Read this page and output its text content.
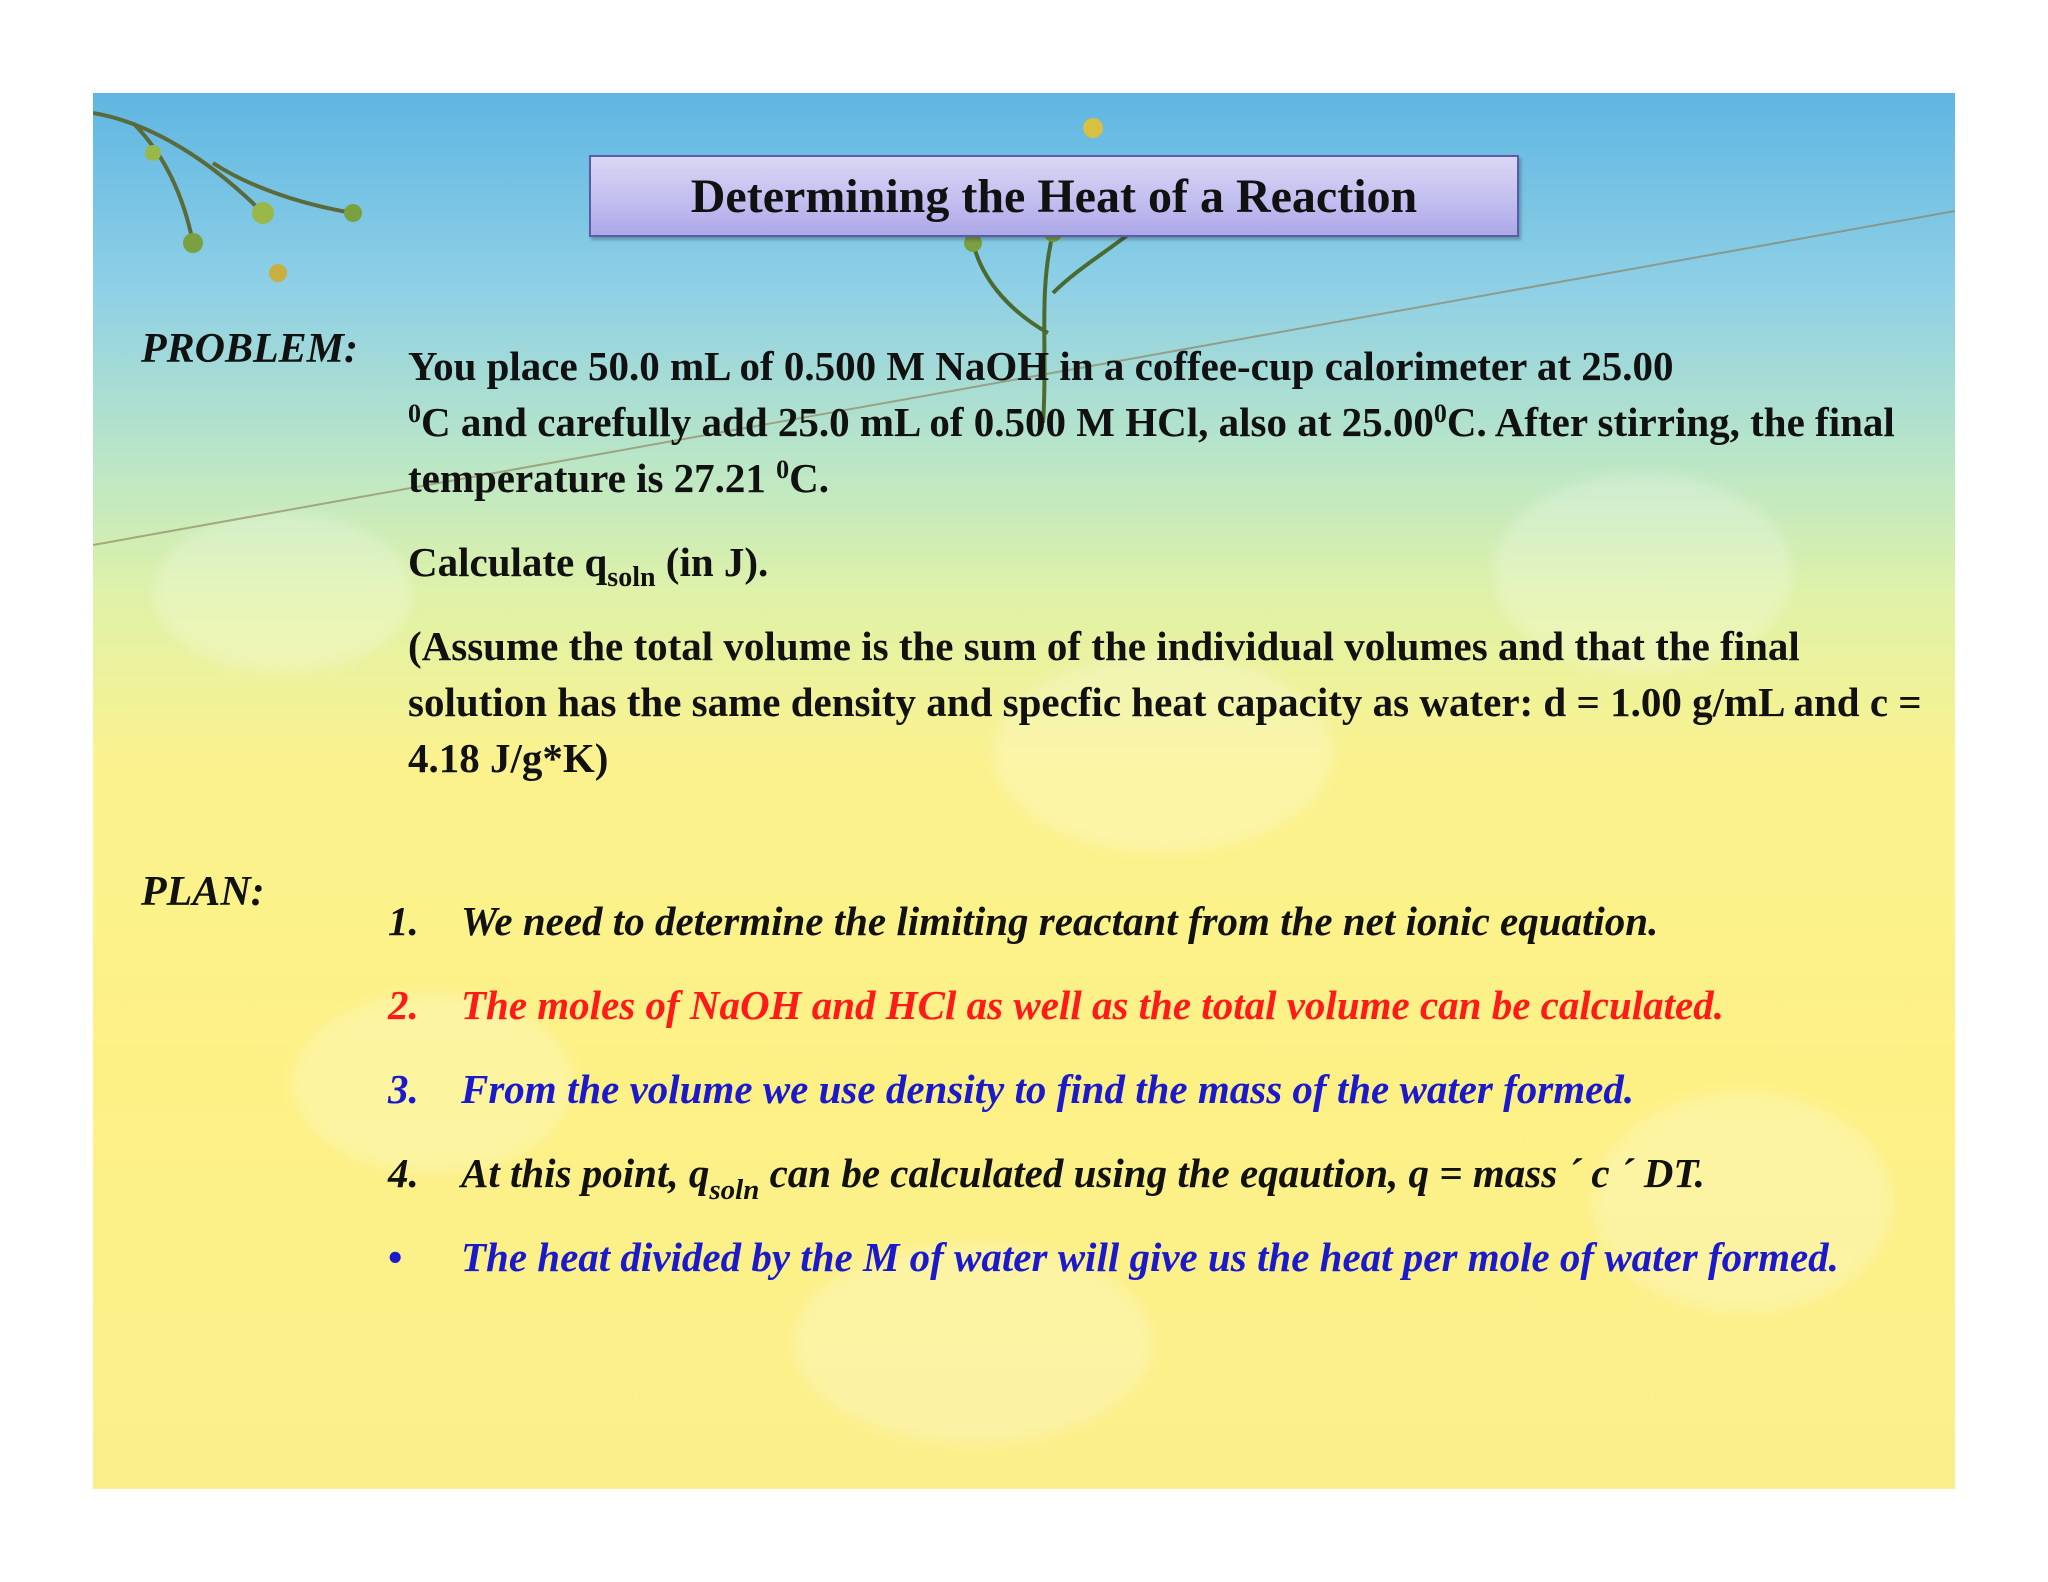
Determining the Heat of a Reaction
PROBLEM: You place 50.0 mL of 0.500 M NaOH in a coffee-cup calorimeter at 25.00
$^0$C and carefully add 25.0 mL of 0.500 M HCl, also at 25.00$^0$C. After stirring, the final temperature is 27.21 $^0$C.

Calculate $q_{soln}$ (in J).

(Assume the total volume is the sum of the individual volumes and that the final solution has the same density and specfic heat capacity as water: d = 1.00 g/mL and c = 4.18 J/g*K)

PLAN:
1.	We need to determine the limiting reactant from the net ionic equation.
2.	The moles of NaOH and HCl as well as the total volume can be calculated.
3.	From the volume we use density to find the mass of the water formed.
4.	At this point, $q_{soln}$ can be calculated using the eqaution, q = mass ´ c ´ DT.
•	The heat divided by the M of water will give us the heat per mole of water formed.
